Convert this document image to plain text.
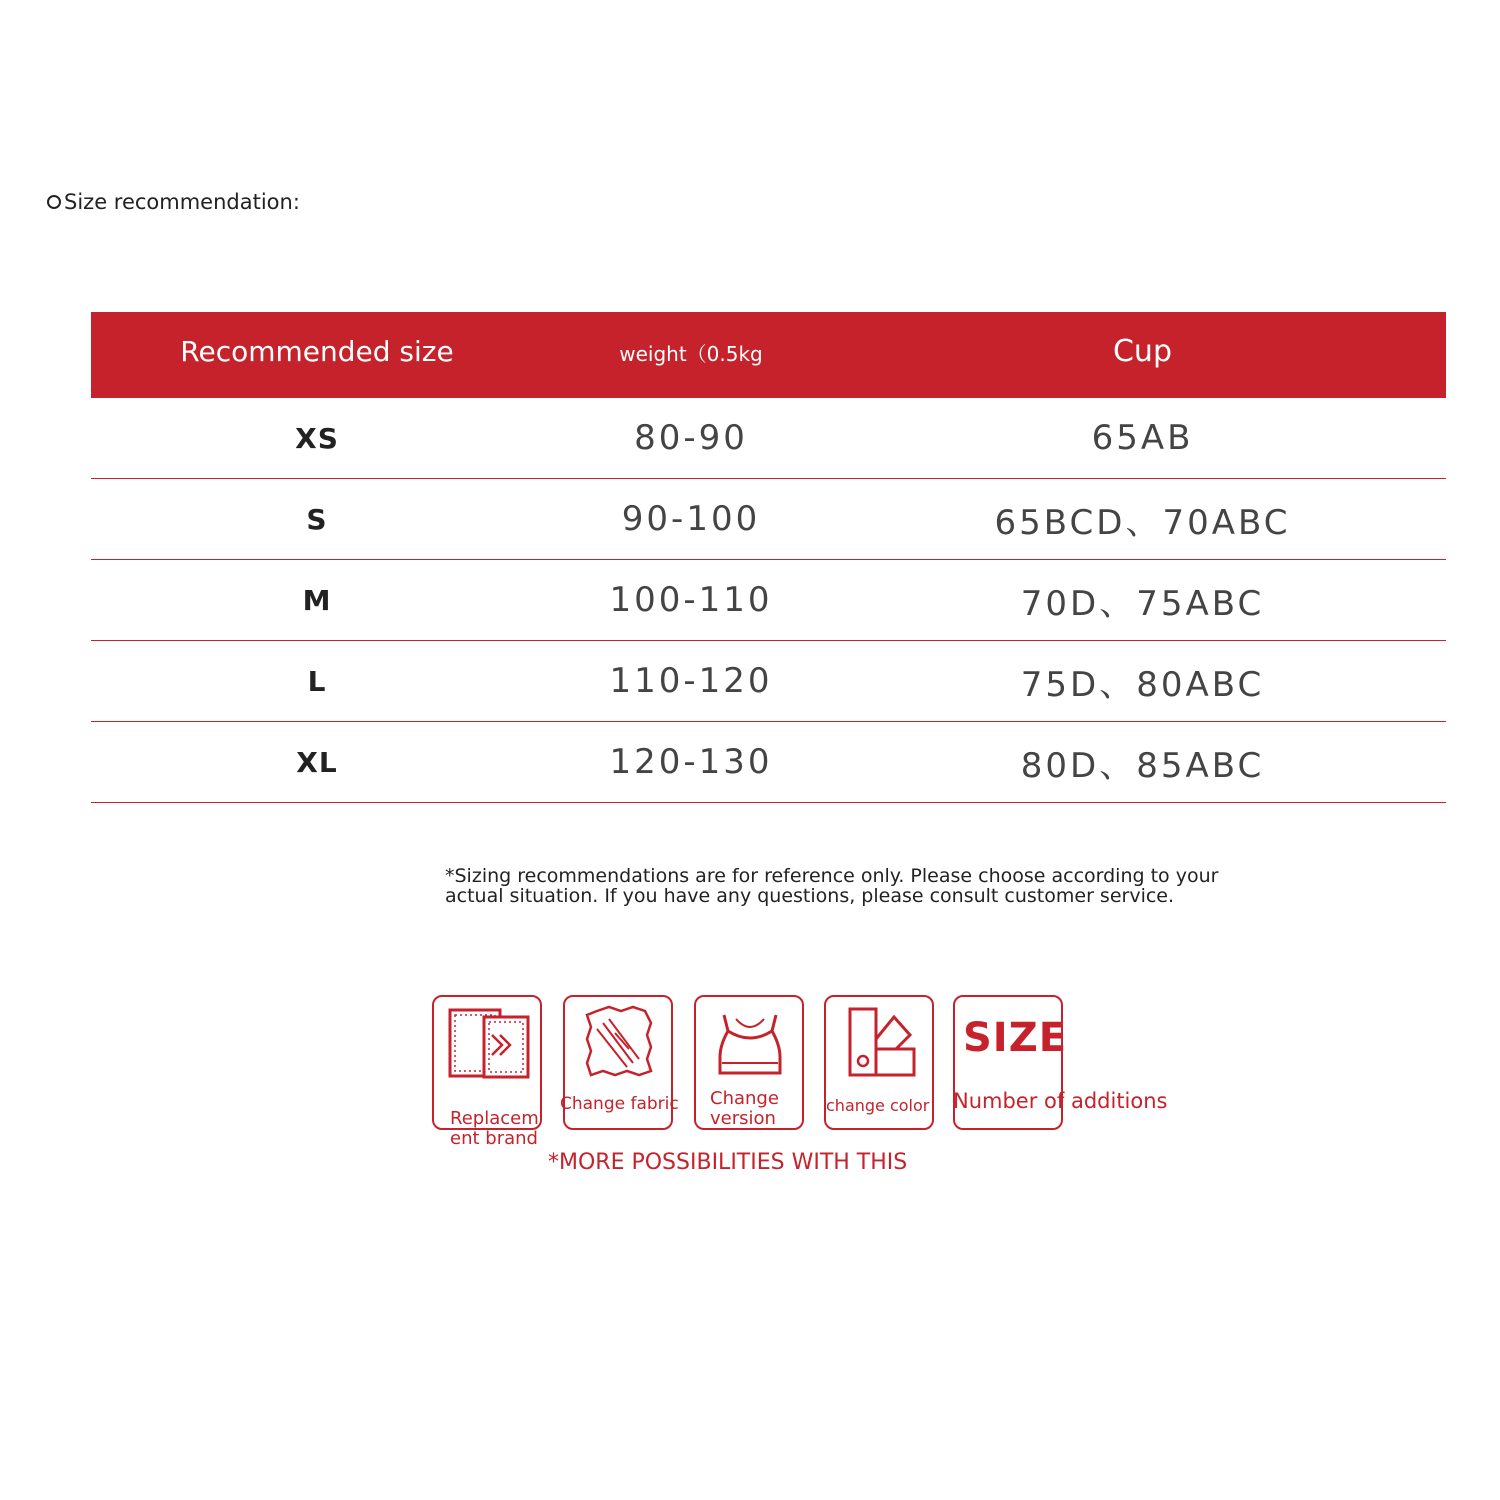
Size recommendation:
Recommended size	weight（0.5kg	Cup
XS	80-90	65AB
S	90-100	65BCD、70ABC
M	100-110	70D、75ABC
L	110-120	75D、80ABC
XL	120-130	80D、85ABC
*Sizing recommendations are for reference only. Please choose according to your
actual situation. If you have any questions, please consult customer service.
Replacem
ent brand
Change fabric Change
version
change color
SIZE
Number of additions
*MORE POSSIBILITIES WITH THIS
